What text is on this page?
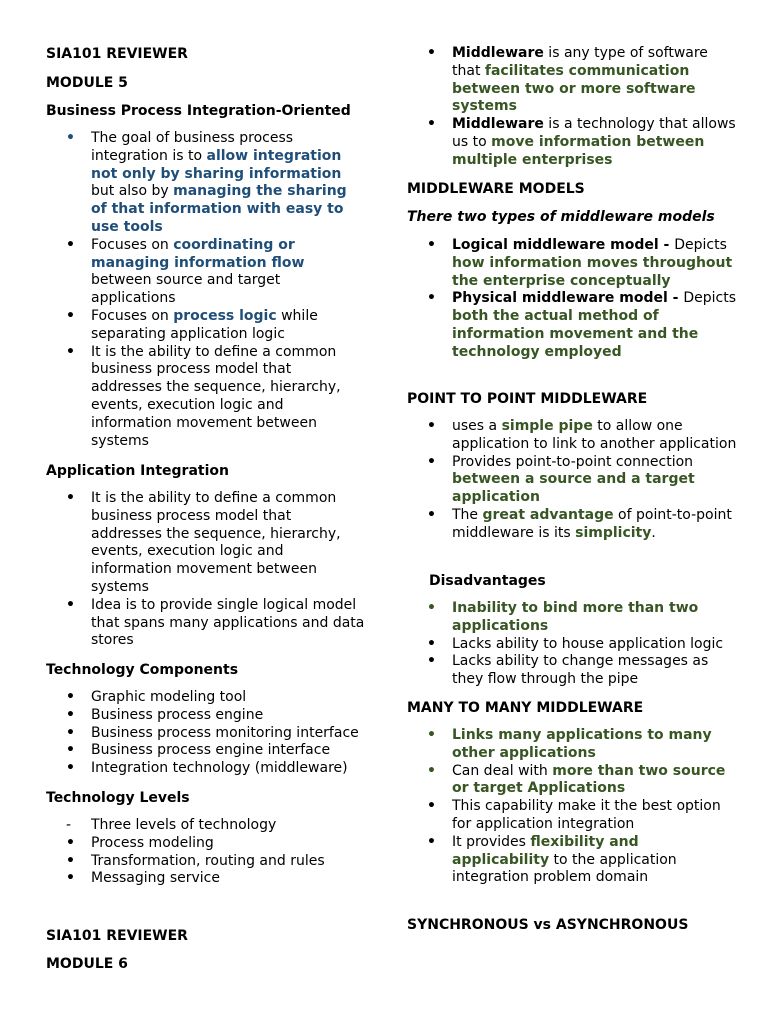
SIA101 REVIEWER

MODULE 5

Business Process Integration-Oriented

• The goal of business process integration is to allow integration not only by sharing information but also by managing the sharing of that information with easy to use tools
• Focuses on coordinating or managing information flow between source and target applications
• Focuses on process logic while separating application logic
• It is the ability to define a common business process model that addresses the sequence, hierarchy, events, execution logic and information movement between systems

Application Integration

• It is the ability to define a common business process model that addresses the sequence, hierarchy, events, execution logic and information movement between systems
• Idea is to provide single logical model that spans many applications and data stores

Technology Components

• Graphic modeling tool
• Business process engine
• Business process monitoring interface
• Business process engine interface
• Integration technology (middleware)

Technology Levels

- Three levels of technology
• Process modeling
• Transformation, routing and rules
• Messaging service

SIA101 REVIEWER

MODULE 6

• Middleware is any type of software that facilitates communication between two or more software systems
• Middleware is a technology that allows us to move information between multiple enterprises

MIDDLEWARE MODELS

There two types of middleware models

• Logical middleware model - Depicts how information moves throughout the enterprise conceptually
• Physical middleware model - Depicts both the actual method of information movement and the technology employed

POINT TO POINT MIDDLEWARE

• uses a simple pipe to allow one application to link to another application
• Provides point-to-point connection between a source and a target application
• The great advantage of point-to-point middleware is its simplicity.

Disadvantages

• Inability to bind more than two applications
• Lacks ability to house application logic
• Lacks ability to change messages as they flow through the pipe

MANY TO MANY MIDDLEWARE

• Links many applications to many other applications
• Can deal with more than two source or target Applications
• This capability make it the best option for application integration
• It provides flexibility and applicability to the application integration problem domain

SYNCHRONOUS vs ASYNCHRONOUS
